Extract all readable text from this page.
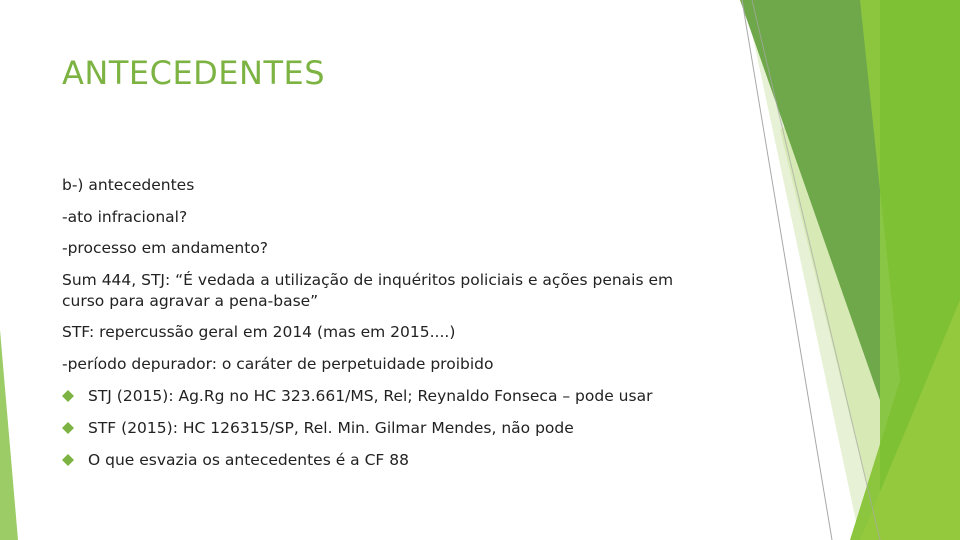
ANTECEDENTES
b-) antecedentes
-ato infracional?
-processo em andamento?
Sum 444, STJ: “É vedada a utilização de inquéritos policiais e ações penais em
curso para agravar a pena-base”
STF: repercussão geral em 2014 (mas em 2015....)
-período depurador: o caráter de perpetuidade proibido
STJ (2015): Ag.Rg no HC 323.661/MS, Rel; Reynaldo Fonseca – pode usar
STF (2015): HC 126315/SP, Rel. Min. Gilmar Mendes, não pode
O que esvazia os antecedentes é a CF 88
